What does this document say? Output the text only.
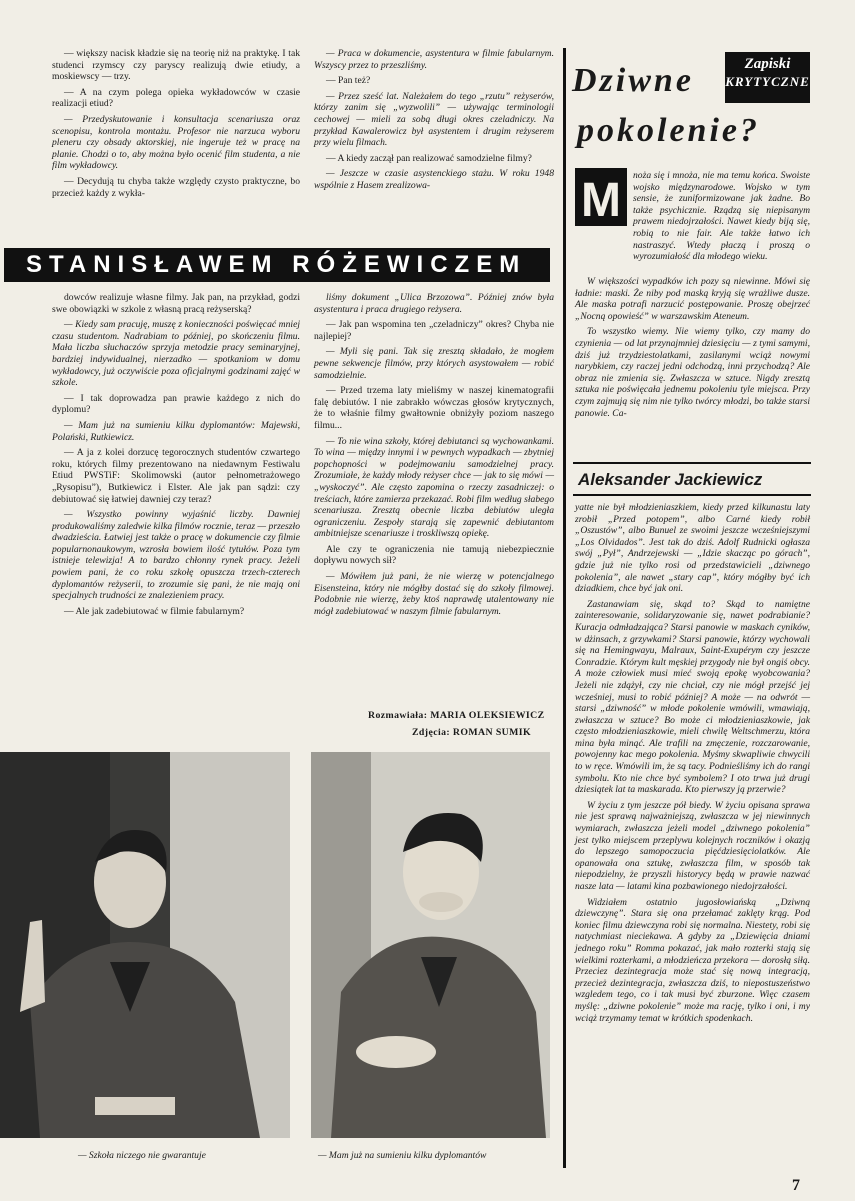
— większy nacisk kładzie się na teorię niż na praktykę. I tak studenci rzymscy czy paryscy realizują dwie etiudy, a moskiewscy — trzy.

— A na czym polega opieka wykładowców w czasie realizacji etiud?

— Przedyskutowanie i konsultacja scenariusza oraz scenopisu, kontrola montażu. Profesor nie narzuca wyboru pleneru czy obsady aktorskiej, nie ingeruje też w pracę na planie. Chodzi o to, aby można było ocenić film studenta, a nie film wykładowcy.

— Decydują tu chyba także względy czysto praktyczne, bo przecież każdy z wykła-

— Praca w dokumencie, asystentura w filmie fabularnym. Wszyscy przez to przeszliśmy.

— Pan też?

— Przez sześć lat. Należałem do tego „rzutu” reżyserów, którzy zanim się „wyzwolili” — używając terminologii cechowej — mieli za sobą długi okres czeladniczy. Na przykład Kawalerowicz był asystentem i drugim reżyserem przy wielu filmach.

— A kiedy zaczął pan realizować samodzielne filmy?

— Jeszcze w czasie asystenckiego stażu. W roku 1948 wspólnie z Hasem zrealizowa-

STANISŁAWEM RÓŻEWICZEM

dowców realizuje własne filmy. Jak pan, na przykład, godzi swe obowiązki w szkole z własną pracą reżyserską?

— Kiedy sam pracuję, muszę z konieczności poświęcać mniej czasu studentom. Nadrabiam to później, po skończeniu filmu. Mała liczba słuchaczów sprzyja metodzie pracy seminaryjnej, bardziej indywidualnej, nierzadko — spotkaniom w domu wykładowcy, już oczywiście poza oficjalnymi godzinami zajęć w szkole.

— I tak doprowadza pan prawie każdego z nich do dyplomu?

— Mam już na sumieniu kilku dyplomantów: Majewski, Polański, Rutkiewicz.

— A ja z kolei dorzucę tegorocznych studentów czwartego roku, których filmy prezentowano na niedawnym Festiwalu Etiud PWSTiF: Skolimowski (autor pełnometrażowego „Rysopisu”), Butkiewicz i Elster. Ale jak pan sądzi: czy debiutować się łatwiej dawniej czy teraz?

— Wszystko powinny wyjaśnić liczby. Dawniej produkowaliśmy zaledwie kilka filmów rocznie, teraz — przeszło dwadzieścia. Łatwiej jest także o pracę w dokumencie czy filmie popularnonaukowym, wzrosła bowiem ilość tytułów. Poza tym istnieje telewizja! A to bardzo chłonny rynek pracy. Jeżeli powiem pani, że co roku szkołę opuszcza trzech-czterech dyplomantów reżyserii, to zrozumie się pani, że nie mają oni specjalnych trudności ze znalezieniem pracy.

— Ale jak zadebiutować w filmie fabularnym?

liśmy dokument „Ulica Brzozowa”. Później znów była asystentura i praca drugiego reżysera.

— Jak pan wspomina ten „czeladniczy” okres? Chyba nie najlepiej?

— Myli się pani. Tak się zresztą składało, że mogłem pewne sekwencje filmów, przy których asystowałem — robić samodzielnie.

— Przed trzema laty mieliśmy w naszej kinematografii falę debiutów. I nie zabrakło wówczas głosów krytycznych, że to właśnie filmy gwałtownie obniżyły poziom naszego filmu...

— To nie wina szkoły, której debiutanci są wychowankami. To wina — między innymi i w pewnych wypadkach — zbytniej popchopności w podejmowaniu samodzielnej pracy. Zrozumiałe, że każdy młody reżyser chce — jak to się mówi — „wyskoczyć”. Ale często zapomina o rzeczy zasadniczej: o treściach, które zamierza przekazać. Robi film według słabego scenariusza. Zresztą obecnie liczba debiutów uległa ograniczeniu. Zespoły starają się zapewnić debiutantom ambitniejsze scenariusze i troskliwszą opiekę.

Ale czy te ograniczenia nie tamują niebezpiecznie dopływu nowych sił?

— Mówiłem już pani, że nie wierzę w potencjalnego Eisensteina, który nie mógłby dostać się do szkoły filmowej. Podobnie nie wierzę, żeby ktoś naprawdę utalentowany nie mógł zadebiutować w naszym filmie fabularnym.

Rozmawiała: MARIA OLEKSIEWICZ
Zdjęcia: ROMAN SUMIK
— Szkoła niczego nie gwarantuje	— Mam już na sumieniu kilku dyplomantów
Dziwne	Zapiski
KRYTYCZNE
pokolenie?
M noża się i mnoża, nie ma temu końca. Swoiste wojsko międzynarodowe. Wojsko w tym sensie, że zuniformizowane jak żadne. Bo także psychicznie. Rządzą się niepisanym prawem niedojrzałości. Nawet kiedy biją się, robią to nie fair. Ale także łatwo ich nastraszyć. Wtedy płaczą i proszą o wyrozumiałość dla młodego wieku.

W większości wypadków ich pozy są niewinne. Mówi się ładnie: maski. Że niby pod maską kryją się wrażliwe dusze. Ale maska potrafi narzucić postępowanie. Proszę obejrzeć „Nocną opowieść” w warszawskim Ateneum.

To wszystko wiemy. Nie wiemy tylko, czy mamy do czynienia — od lat przynajmniej dziesięciu — z tymi samymi, dziś już trzydziestolatkami, zasilanymi wciąż nowymi narybkiem, czy raczej jedni odchodzą, inni przychodzą? Ale obraz nie zmienia się. Zwłaszcza w sztuce. Nigdy zresztą sztuka nie poświęcała jednemu pokoleniu tyle miejsca. Przy czym zajmują się nim nie tylko twórcy młodzi, bo także starsi panowie. Ca-

Aleksander Jackiewicz

yatte nie był młodzieniaszkiem, kiedy przed kilkunastu laty zrobił „Przed potopem”, albo Carné kiedy robił „Oszustów”, albo Bunuel ze swoimi jeszcze wcześniejszymi „Los Olvidados”. Jest tak do dziś. Adolf Rudnicki ogłasza swój „Pył”, Andrzejewski — „Idzie skacząc po górach”, gdzie już nie tylko rosi od przedstawicieli „dziwnego pokolenia”, ale nawet „stary cap”, który mógłby być ich dziadkiem, chce być jak oni.

Zastanawiam się, skąd to? Skąd to namiętne zainteresowanie, solidaryzowanie się, nawet podrabianie? Kuracja odmładzająca? Starsi panowie w maskach cyników, w dżinsach, z grzywkami? Starsi panowie, którzy wychowali się na Hemingwayu, Malraux, Saint-Exupérym czy jeszcze Conradzie. Którym kult męskiej przygody nie był ongiś obcy. A może człowiek musi mieć swoją epokę wyobcowania? Jeżeli nie zdążył, czy nie chciał, czy nie mógł przejść jej wcześniej, musi to robić później? A może — na odwrót — starsi „dziwność” w młode pokolenie wmówili, wmawiają, zwłaszcza w sztuce? Bo może ci młodzieniaszkowie, jak często młodzieniaszkowie, mieli chwilę Weltschmerzu, która mina była minąć. Ale trafili na zmęczenie, rozczarowanie, powojenny kac mego pokolenia. Myśmy skwapliwie chwycili to w ręce. Wmówili im, że są tacy. Podnieśliśmy ich do rangi symbolu. Kto nie chce być symbolem? I oto trwa już drugi dziesiątek lat ta maskarada. Kto pierwszy ją przerwie?

W życiu z tym jeszcze pół biedy. W życiu opisana sprawa nie jest sprawą najważniejszą, zwłaszcza w jej niewinnych wymiarach, zwłaszcza jeżeli model „dziwnego pokolenia” jest tylko miejscem przeplywu kolejnych roczników i okazją do lepszego samopoczucia pięćdziesięciolatków. Ale opanowała ona sztukę, zwłaszcza film, w sposób tak niepodzielny, że przyszli historycy będą w prawie nazwać nasze lata — latami kina pozbawionego niedojrzałości.

Widziałem ostatnio jugosłowiańską „Dziwną dziewczynę”. Stara się ona przełamać zaklęty krąg. Pod koniec filmu dziewczyna robi się normalna. Niestety, robi się natychmiast nieciekawa. A gdyby za „Dziewięcia dniami jednego roku” Romma pokazać, jak mało rozterki stają się wielkimi rozterkami, a młodzieńcza przekora — dorosłą siłą. Przeciez dezintegracja może stać się nową integracją, przecież dezintegracja, zwłaszcza dziś, to niepostuszeństwo wzgledem tego, co i tak musi być zburzone. Więc czasem myślę: „dziwne pokolenie” może ma rację, tylko i oni, i my wciąż trzymamy temat w krótkich spodenkach.

7
